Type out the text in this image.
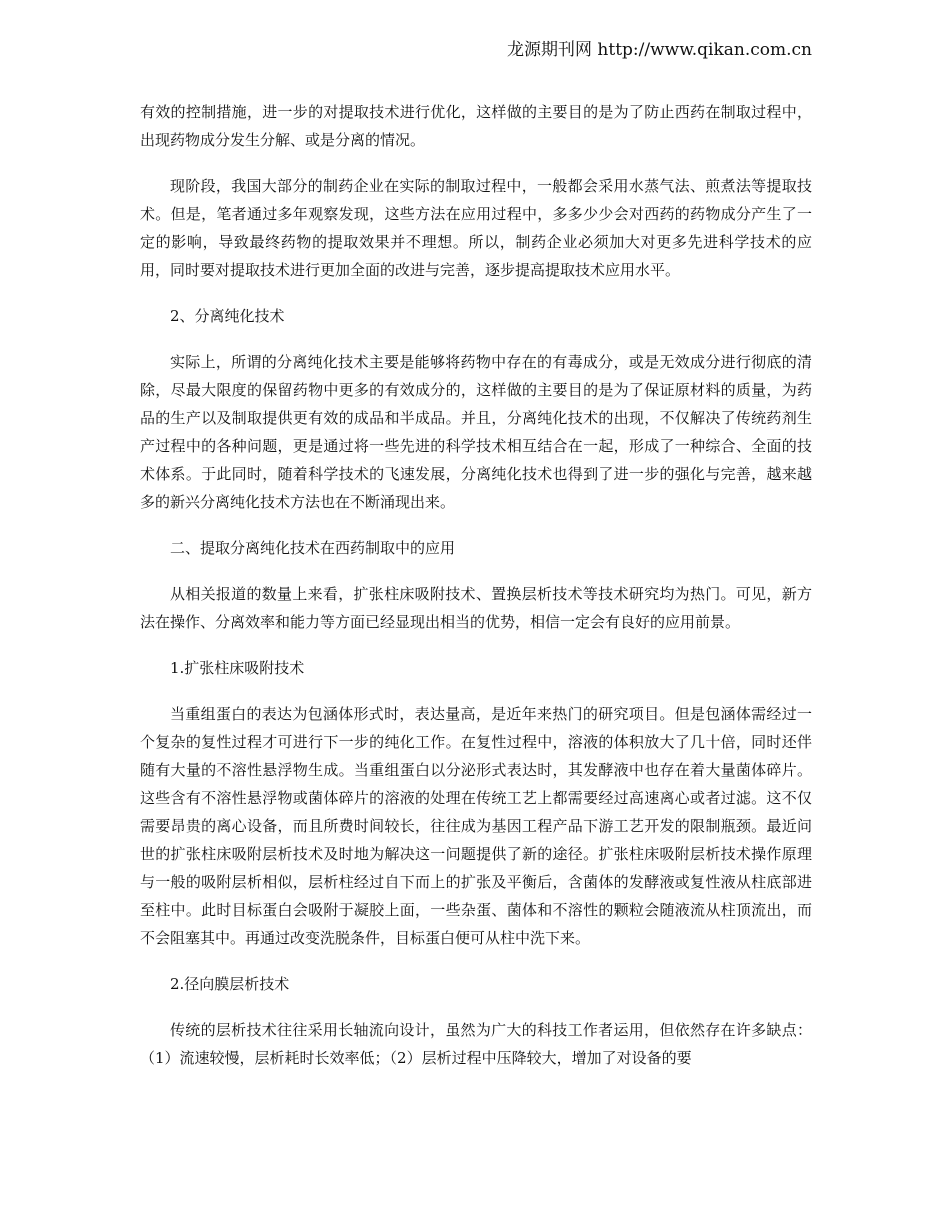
龙源期刊网 http://www.qikan.com.cn

有效的控制措施，进一步的对提取技术进行优化，这样做的主要目的是为了防止西药在制取过程中，出现药物成分发生分解、或是分离的情况。

现阶段，我国大部分的制药企业在实际的制取过程中，一般都会采用水蒸气法、煎煮法等提取技术。但是，笔者通过多年观察发现，这些方法在应用过程中，多多少少会对西药的药物成分产生了一定的影响，导致最终药物的提取效果并不理想。所以，制药企业必须加大对更多先进科学技术的应用，同时要对提取技术进行更加全面的改进与完善，逐步提高提取技术应用水平。

2、分离纯化技术

实际上，所谓的分离纯化技术主要是能够将药物中存在的有毒成分，或是无效成分进行彻底的清除，尽最大限度的保留药物中更多的有效成分的，这样做的主要目的是为了保证原材料的质量，为药品的生产以及制取提供更有效的成品和半成品。并且，分离纯化技术的出现，不仅解决了传统药剂生产过程中的各种问题，更是通过将一些先进的科学技术相互结合在一起，形成了一种综合、全面的技术体系。于此同时，随着科学技术的飞速发展，分离纯化技术也得到了进一步的强化与完善，越来越多的新兴分离纯化技术方法也在不断涌现出来。

二、提取分离纯化技术在西药制取中的应用

从相关报道的数量上来看，扩张柱床吸附技术、置换层析技术等技术研究均为热门。可见，新方法在操作、分离效率和能力等方面已经显现出相当的优势，相信一定会有良好的应用前景。

1.扩张柱床吸附技术

当重组蛋白的表达为包涵体形式时，表达量高，是近年来热门的研究项目。但是包涵体需经过一个复杂的复性过程才可进行下一步的纯化工作。在复性过程中，溶液的体积放大了几十倍，同时还伴随有大量的不溶性悬浮物生成。当重组蛋白以分泌形式表达时，其发酵液中也存在着大量菌体碎片。这些含有不溶性悬浮物或菌体碎片的溶液的处理在传统工艺上都需要经过高速离心或者过滤。这不仅需要昂贵的离心设备，而且所费时间较长，往往成为基因工程产品下游工艺开发的限制瓶颈。最近问世的扩张柱床吸附层析技术及时地为解决这一问题提供了新的途径。扩张柱床吸附层析技术操作原理与一般的吸附层析相似，层析柱经过自下而上的扩张及平衡后，含菌体的发酵液或复性液从柱底部进至柱中。此时目标蛋白会吸附于凝胶上面，一些杂蛋、菌体和不溶性的颗粒会随液流从柱顶流出，而不会阻塞其中。再通过改变洗脱条件，目标蛋白便可从柱中洗下来。

2.径向膜层析技术

传统的层析技术往往采用长轴流向设计，虽然为广大的科技工作者运用，但依然存在许多缺点：（1）流速较慢，层析耗时长效率低；（2）层析过程中压降较大，增加了对设备的要
